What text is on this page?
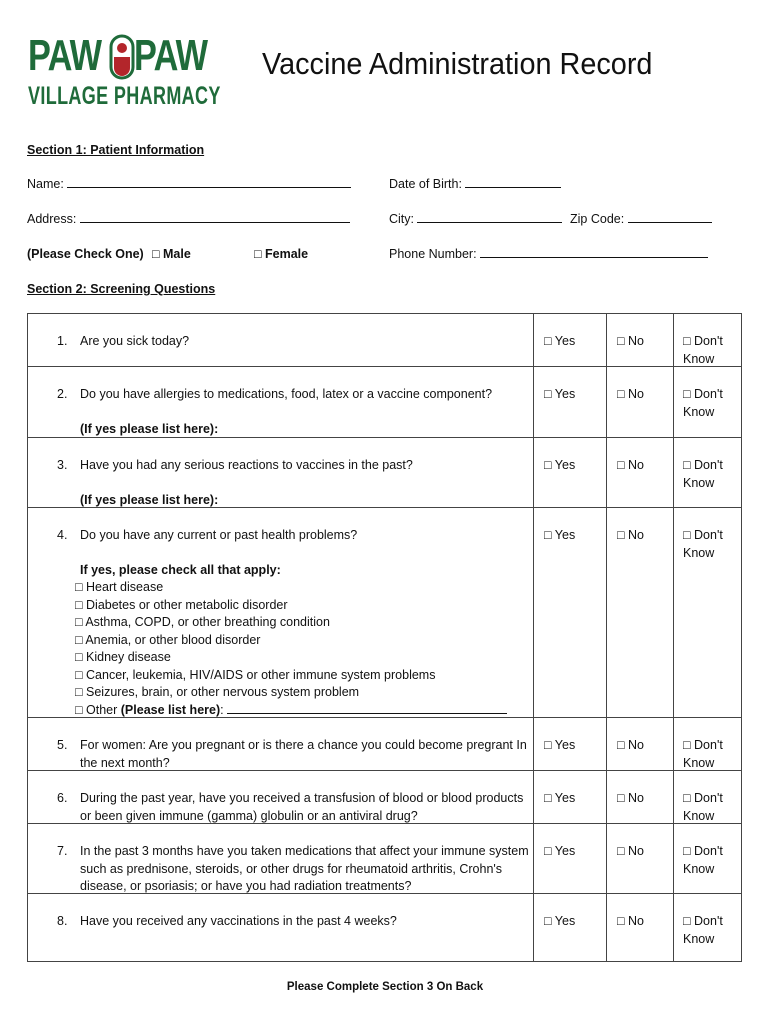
PAW PAW
VILLAGE PHARMACY
Vaccine Administration Record
Section 1: Patient Information
Name:	Date of Birth:
Address:	City:	Zip Code:
(Please Check One) □ Male	□ Female	Phone Number:
Section 2: Screening Questions
1. Are you sick today?	□ Yes	□ No	□ Don't Know
2. Do you have allergies to medications, food, latex or a vaccine component?
(If yes please list here):
□ Yes	□ No	□ Don't Know
3. Have you had any serious reactions to vaccines in the past?
(If yes please list here):
□ Yes	□ No	□ Don't Know
4. Do you have any current or past health problems?
If yes, please check all that apply:
□ Heart disease
□ Diabetes or other metabolic disorder
□ Asthma, COPD, or other breathing condition
□ Anemia, or other blood disorder
□ Kidney disease
□ Cancer, leukemia, HIV/AIDS or other immune system problems
□ Seizures, brain, or other nervous system problem
□ Other (Please list here):
□ Yes	□ No	□ Don't Know
5. For women: Are you pregnant or is there a chance you could become pregrant In the next month?
□ Yes	□ No	□ Don't Know
6. During the past year, have you received a transfusion of blood or blood products or been given immune (gamma) globulin or an antiviral drug?
□ Yes	□ No	□ Don't Know
7. In the past 3 months have you taken medications that affect your immune system such as prednisone, steroids, or other drugs for rheumatoid arthritis, Crohn's disease, or psoriasis; or have you had radiation treatments?
□ Yes	□ No	□ Don't Know
8. Have you received any vaccinations in the past 4 weeks?	□ Yes	□ No	□ Don't Know
Please Complete Section 3 On Back
